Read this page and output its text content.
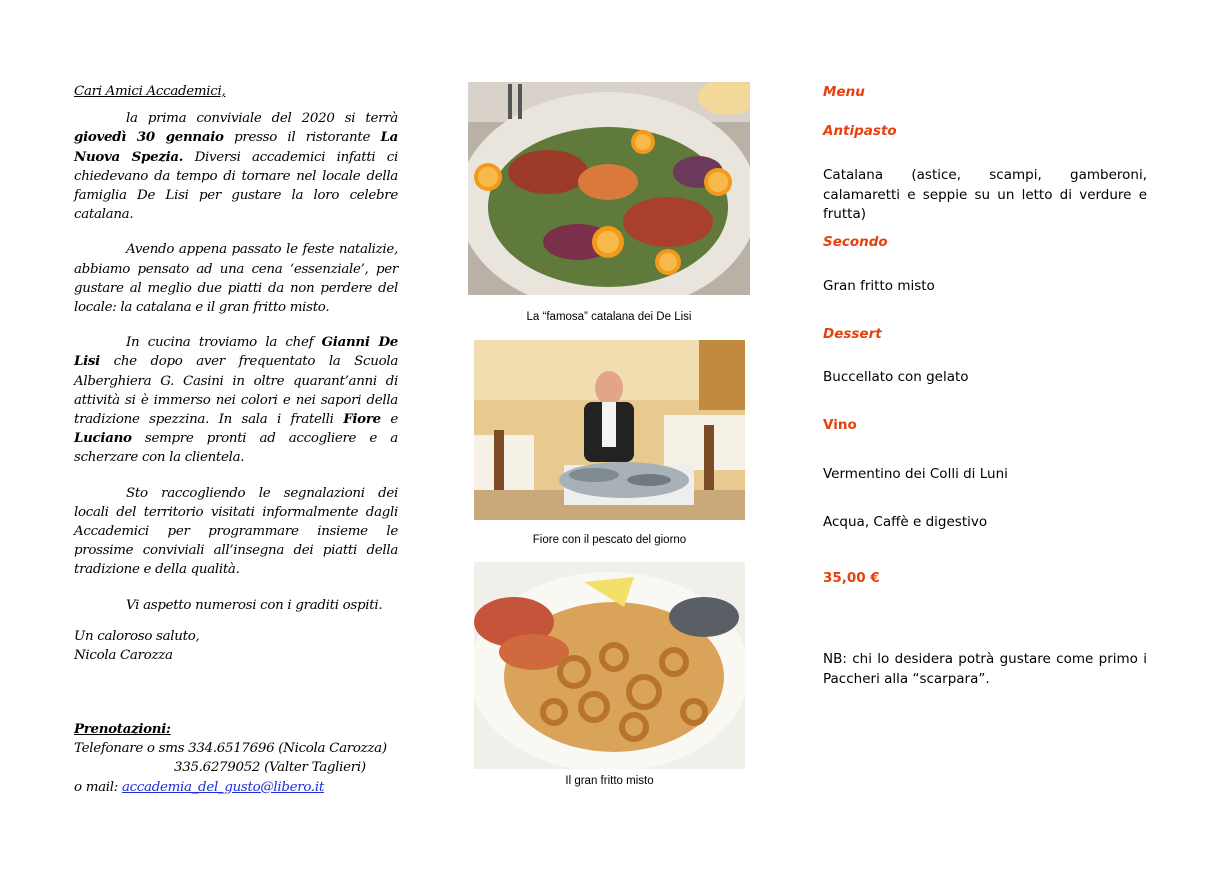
Cari Amici Accademici,

la prima conviviale del 2020 si terrà giovedì 30 gennaio presso il ristorante La Nuova Spezia. Diversi accademici infatti ci chiedevano da tempo di tornare nel locale della famiglia De Lisi per gustare la loro celebre catalana.

Avendo appena passato le feste natalizie, abbiamo pensato ad una cena ‘essenziale’, per gustare al meglio due piatti da non perdere del locale: la catalana e il gran fritto misto.

In cucina troviamo la chef Gianni De Lisi che dopo aver frequentato la Scuola Alberghiera G. Casini in oltre quarant’anni di attività si è immerso nei colori e nei sapori della tradizione spezzina. In sala i fratelli Fiore e Luciano sempre pronti ad accogliere e a scherzare con la clientela.

Sto raccogliendo le segnalazioni dei locali del territorio visitati informalmente dagli Accademici per programmare insieme le prossime conviviali all’insegna dei piatti della tradizione e della qualità.

Vi aspetto numerosi con i graditi ospiti.

Un caloroso saluto,

Nicola Carozza

Prenotazioni:
Telefonare o sms 334.6517696 (Nicola Carozza)
335.6279052 (Valter Taglieri)
o mail: accademia_del_gusto@libero.it
La “famosa” catalana dei De Lisi
Fiore con il pescato del giorno
Il gran fritto misto
Menu
Antipasto
Catalana (astice, scampi, gamberoni, calamaretti e seppie su un letto di verdure e frutta)
Secondo
Gran fritto misto
Dessert
Buccellato con gelato
Vino
Vermentino dei Colli di Luni
Acqua, Caffè e digestivo
35,00 €
NB: chi lo desidera potrà gustare come primo i Paccheri alla “scarpara”.
